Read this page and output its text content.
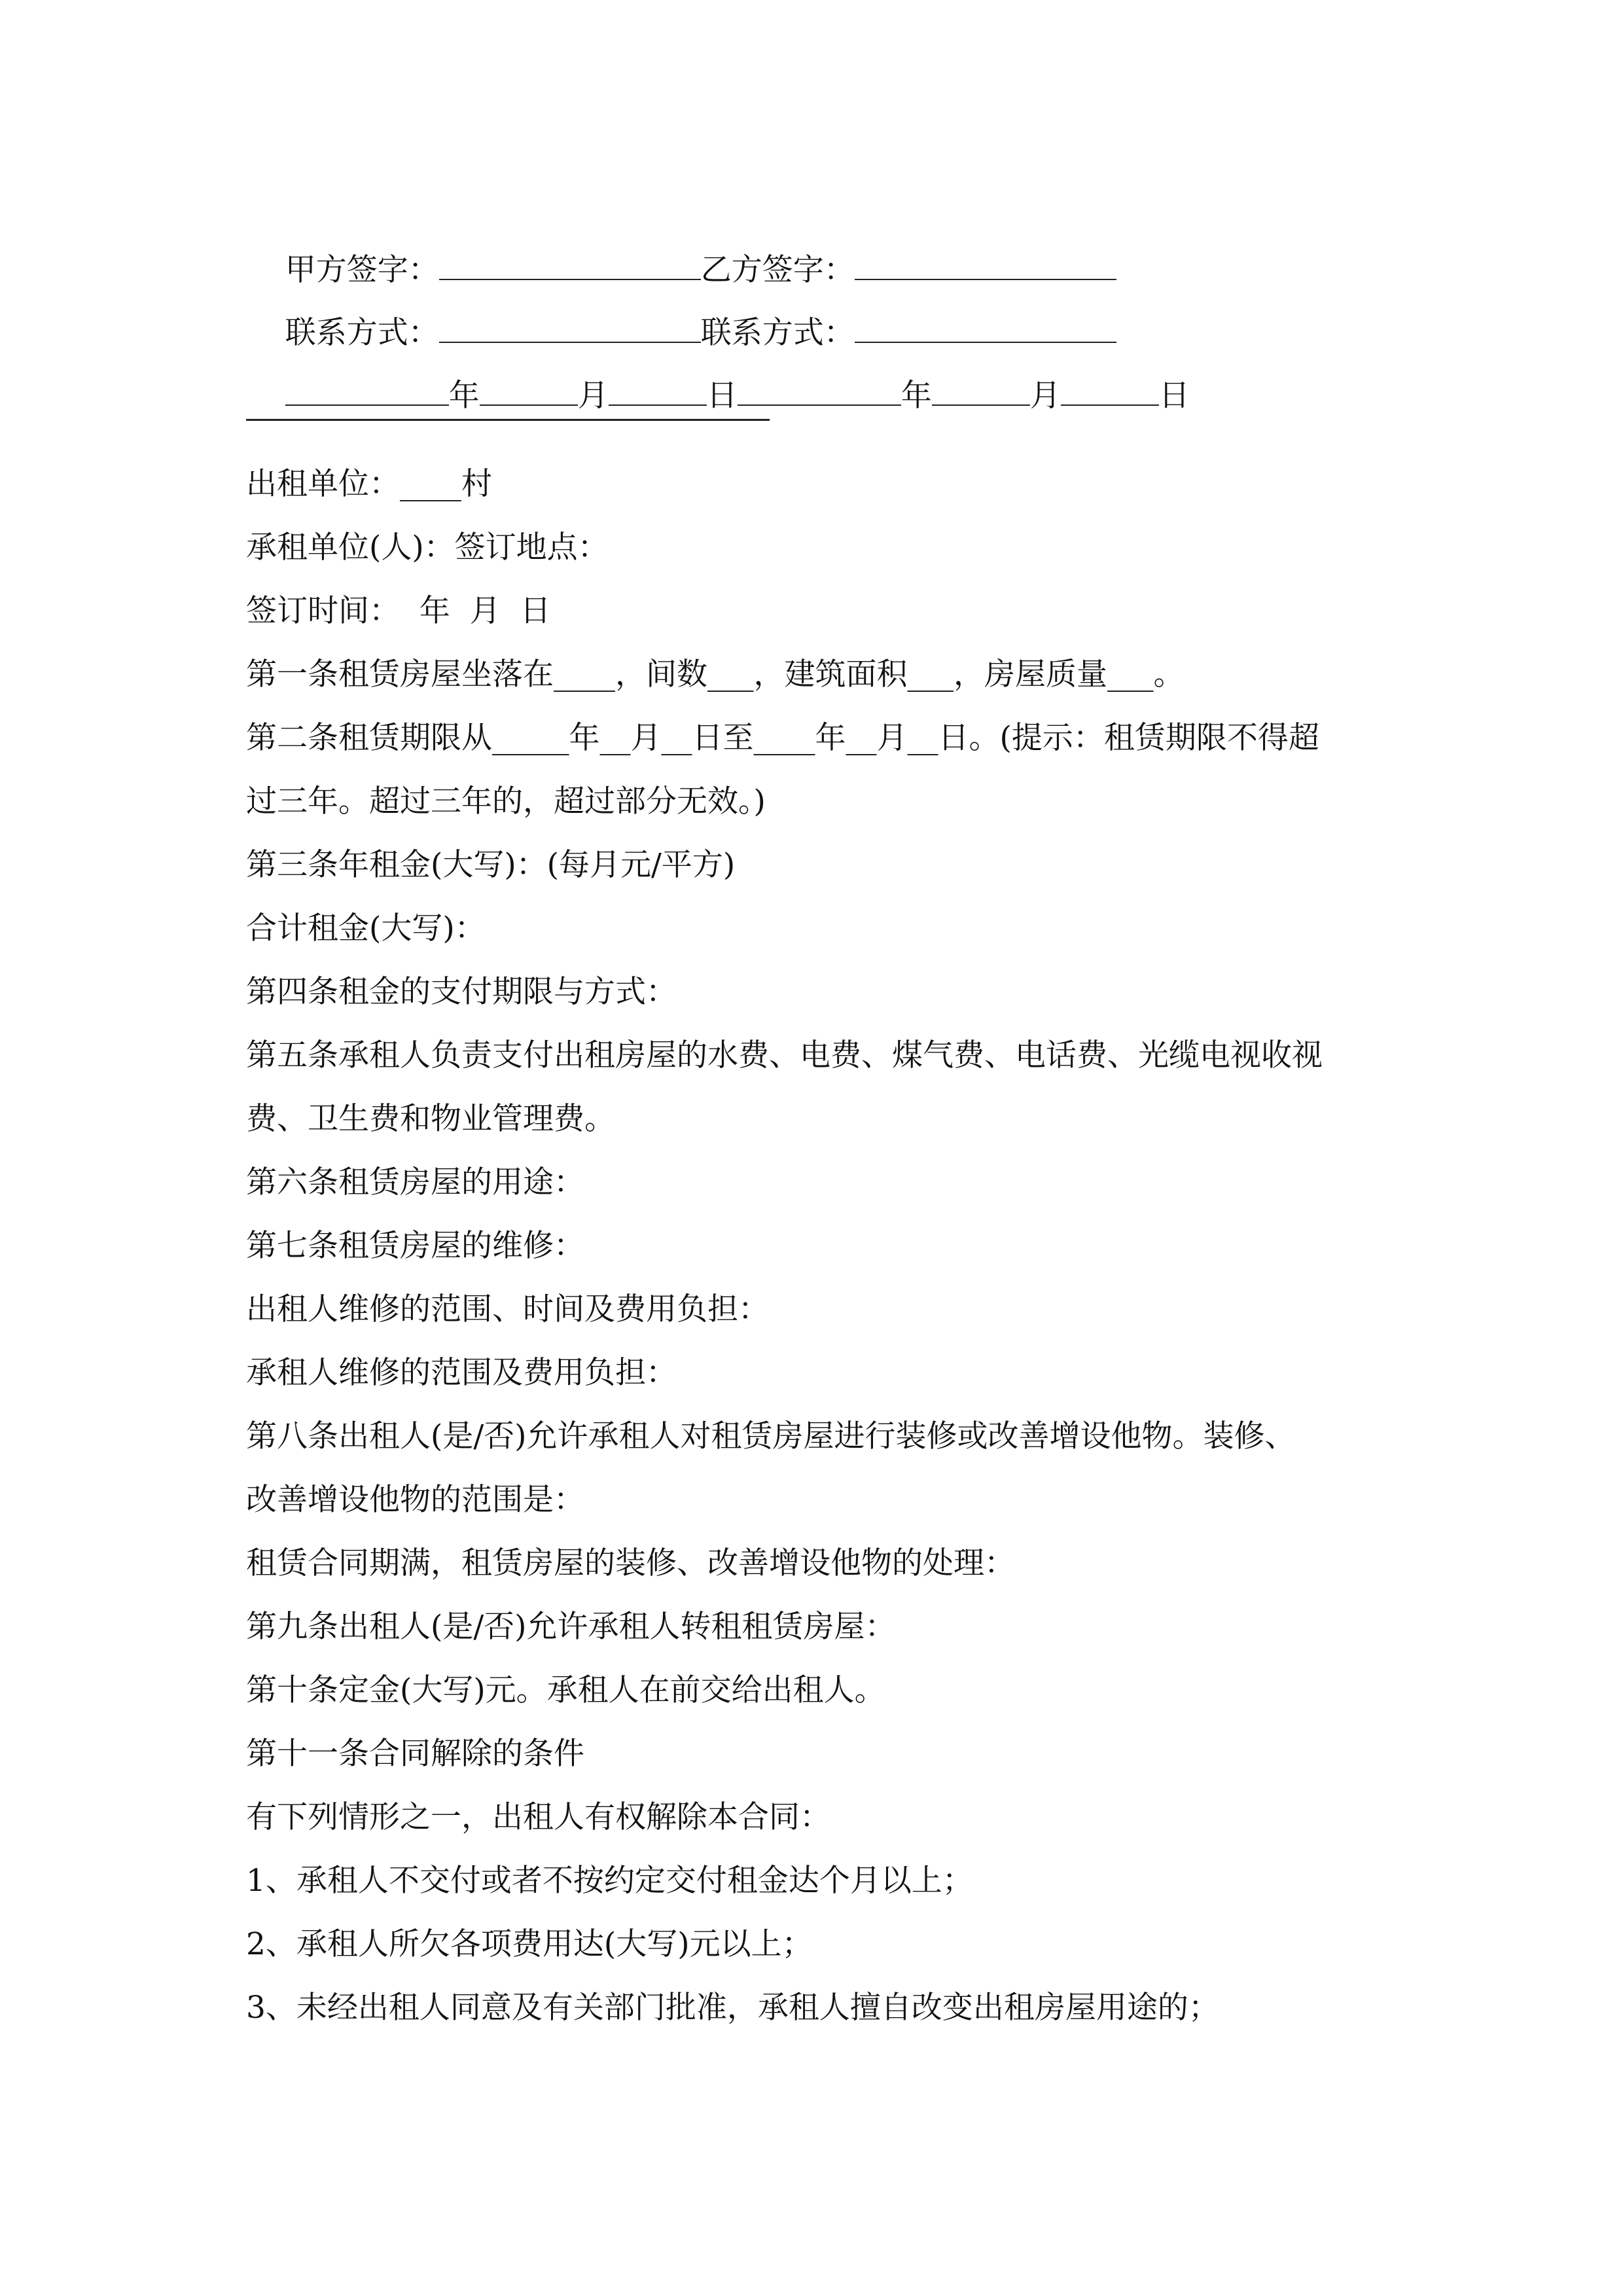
甲方签字：	乙方签字：

联系方式：	联系方式：

年	月	日	年	月	日

出租单位：____村
承租单位(人)：签订地点：
签订时间：  年  月  日
第一条租赁房屋坐落在____，间数___，建筑面积___，房屋质量___。
第二条租赁期限从_____年__月__日至____年__月__日。(提示：租赁期限不得超
过三年。超过三年的，超过部分无效。)
第三条年租金(大写)：(每月元/平方)
合计租金(大写)：
第四条租金的支付期限与方式：
第五条承租人负责支付出租房屋的水费、电费、煤气费、电话费、光缆电视收视
费、卫生费和物业管理费。
第六条租赁房屋的用途：
第七条租赁房屋的维修：
出租人维修的范围、时间及费用负担：
承租人维修的范围及费用负担：
第八条出租人(是/否)允许承租人对租赁房屋进行装修或改善增设他物。装修、
改善增设他物的范围是：
租赁合同期满，租赁房屋的装修、改善增设他物的处理：
第九条出租人(是/否)允许承租人转租租赁房屋：
第十条定金(大写)元。承租人在前交给出租人。
第十一条合同解除的条件
有下列情形之一，出租人有权解除本合同：
1、承租人不交付或者不按约定交付租金达个月以上；
2、承租人所欠各项费用达(大写)元以上；
3、未经出租人同意及有关部门批准，承租人擅自改变出租房屋用途的；
